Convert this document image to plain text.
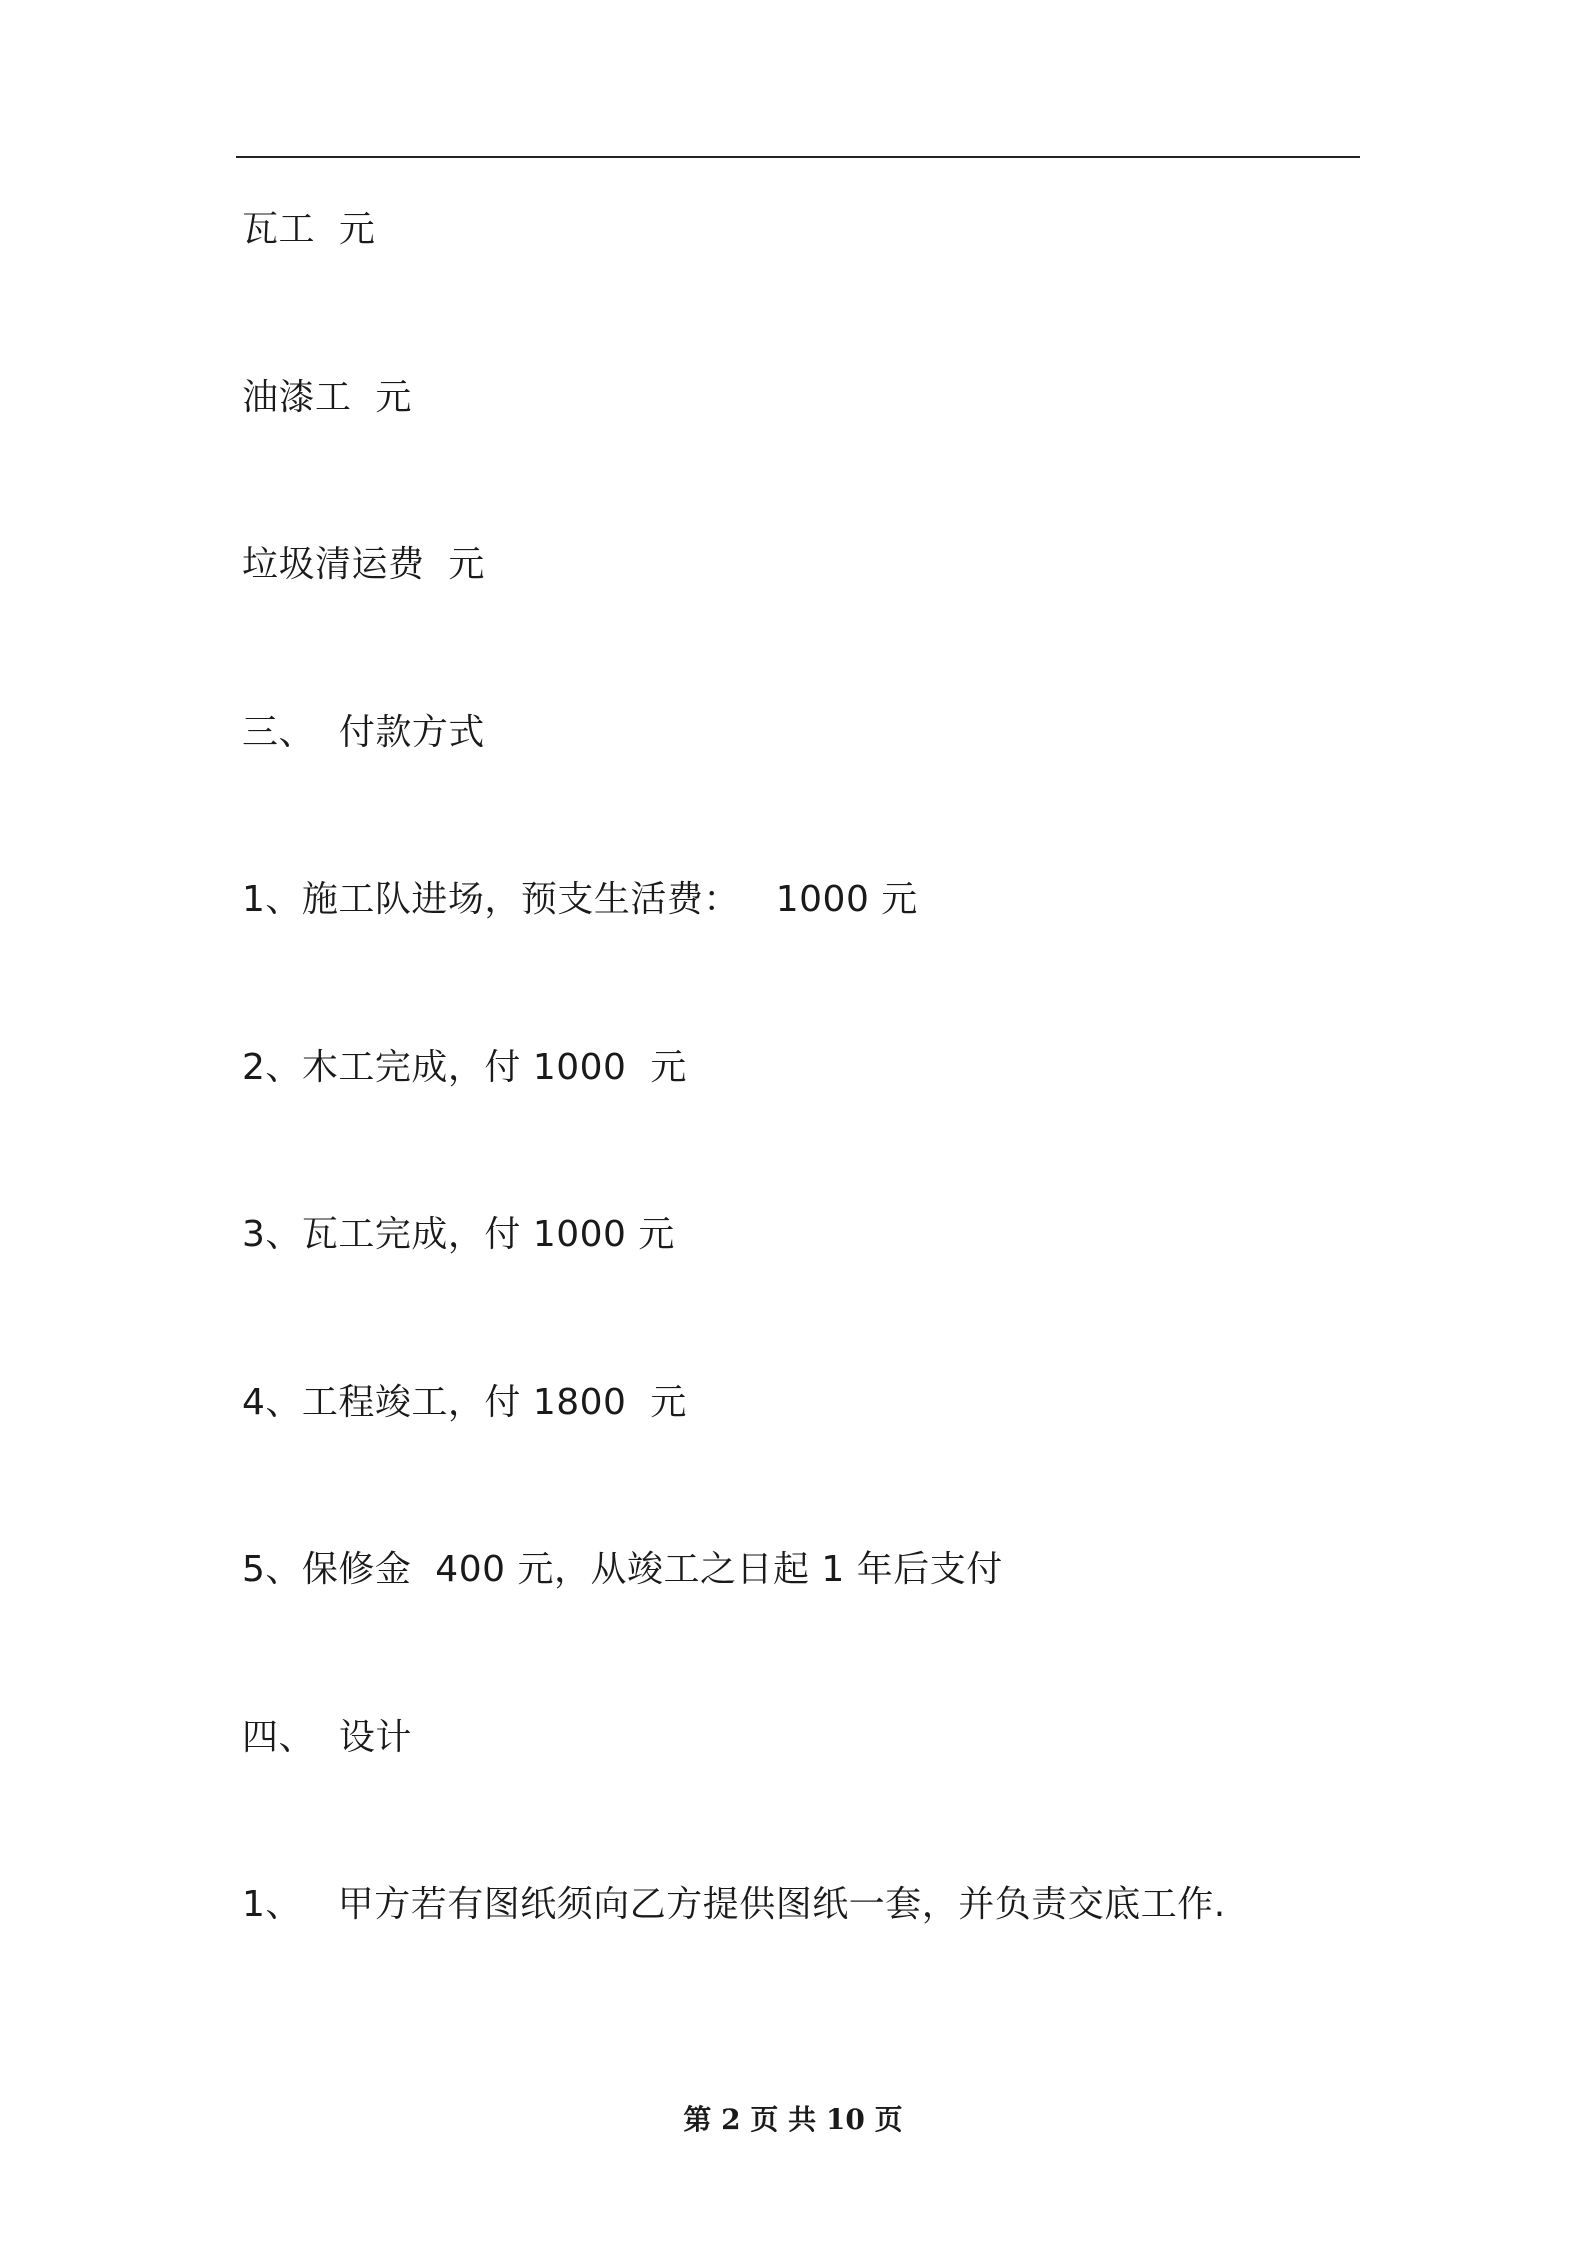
瓦工  元
油漆工  元
垃圾清运费  元
三、  付款方式
1、施工队进场，预支生活费：   1000 元
2、木工完成，付 1000  元
3、瓦工完成，付 1000 元
4、工程竣工，付 1800  元
5、保修金  400 元，从竣工之日起 1 年后支付
四、  设计
1、   甲方若有图纸须向乙方提供图纸一套，并负责交底工作.
第 2 页 共 10 页
